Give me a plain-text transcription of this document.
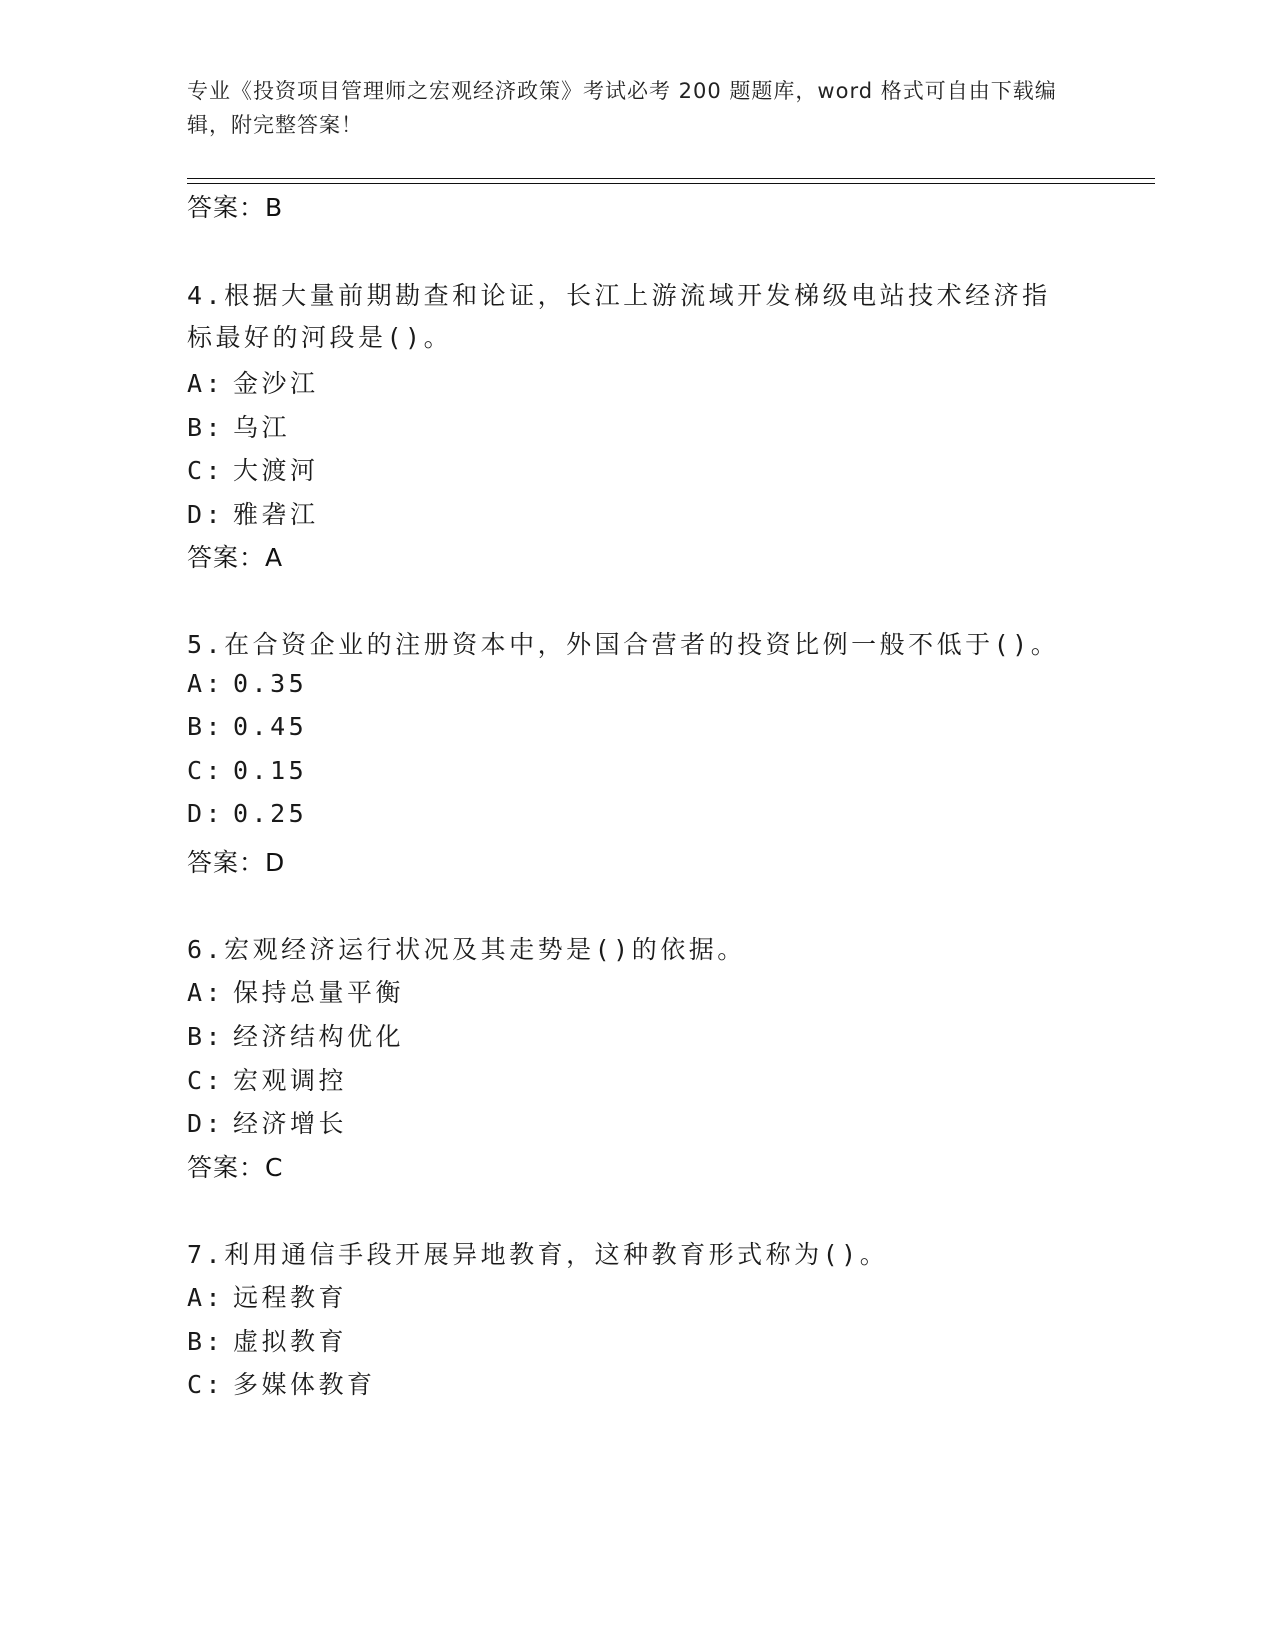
专业《投资项目管理师之宏观经济政策》考试必考 200 题题库，word 格式可自由下载编辑，附完整答案！
答案：B
4.根据大量前期勘查和论证，长江上游流域开发梯级电站技术经济指
标最好的河段是()。
A: 金沙江
B: 乌江
C: 大渡河
D: 雅砻江
答案：A
5.在合资企业的注册资本中，外国合营者的投资比例一般不低于()。
A: 0.35
B: 0.45
C: 0.15
D: 0.25
答案：D
6.宏观经济运行状况及其走势是()的依据。
A: 保持总量平衡
B: 经济结构优化
C: 宏观调控
D: 经济增长
答案：C
7.利用通信手段开展异地教育，这种教育形式称为()。
A: 远程教育
B: 虚拟教育
C: 多媒体教育
